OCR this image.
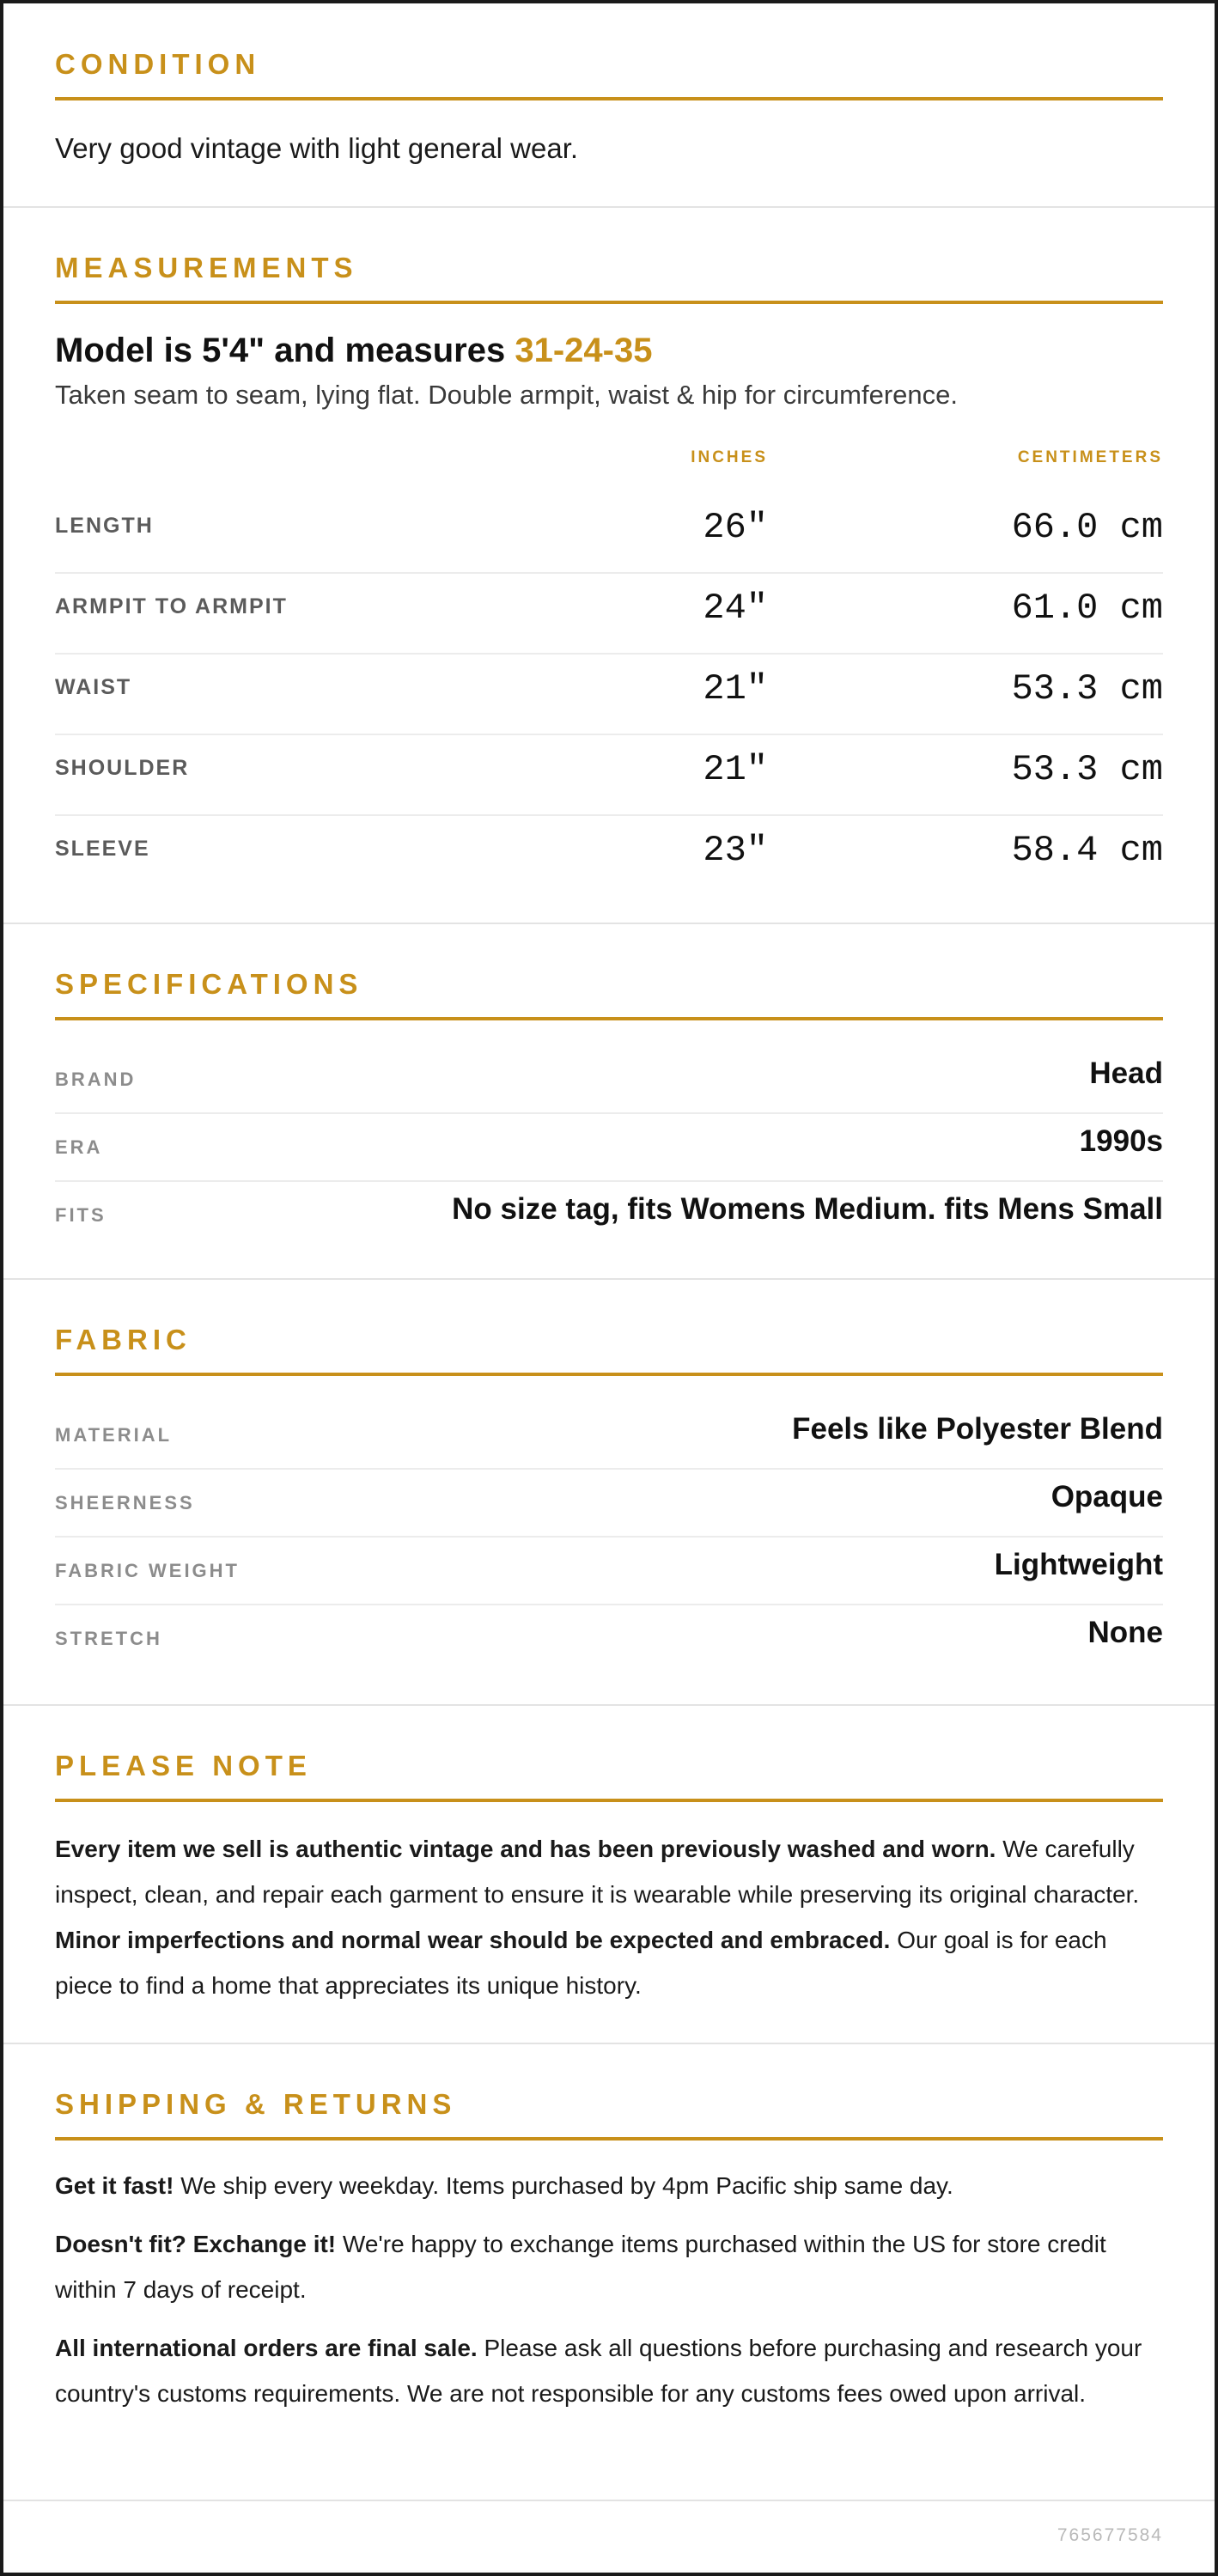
CONDITION
Very good vintage with light general wear.
MEASUREMENTS
Model is 5'4" and measures 31-24-35
Taken seam to seam, lying flat. Double armpit, waist & hip for circumference.
INCHES	CENTIMETERS
LENGTH	26"	66.0 cm
ARMPIT TO ARMPIT	24"	61.0 cm
WAIST	21"	53.3 cm
SHOULDER	21"	53.3 cm
SLEEVE	23"	58.4 cm
SPECIFICATIONS
BRAND	Head
ERA	1990s
FITS	No size tag, fits Womens Medium. fits Mens Small
FABRIC
MATERIAL	Feels like Polyester Blend
SHEERNESS	Opaque
FABRIC WEIGHT	Lightweight
STRETCH	None
PLEASE NOTE
Every item we sell is authentic vintage and has been previously washed and worn. We carefully inspect, clean, and repair each garment to ensure it is wearable while preserving its original character. Minor imperfections and normal wear should be expected and embraced. Our goal is for each piece to find a home that appreciates its unique history.
SHIPPING & RETURNS
Get it fast! We ship every weekday. Items purchased by 4pm Pacific ship same day.
Doesn't fit? Exchange it! We're happy to exchange items purchased within the US for store credit within 7 days of receipt.
All international orders are final sale. Please ask all questions before purchasing and research your country's customs requirements. We are not responsible for any customs fees owed upon arrival.
765677584
